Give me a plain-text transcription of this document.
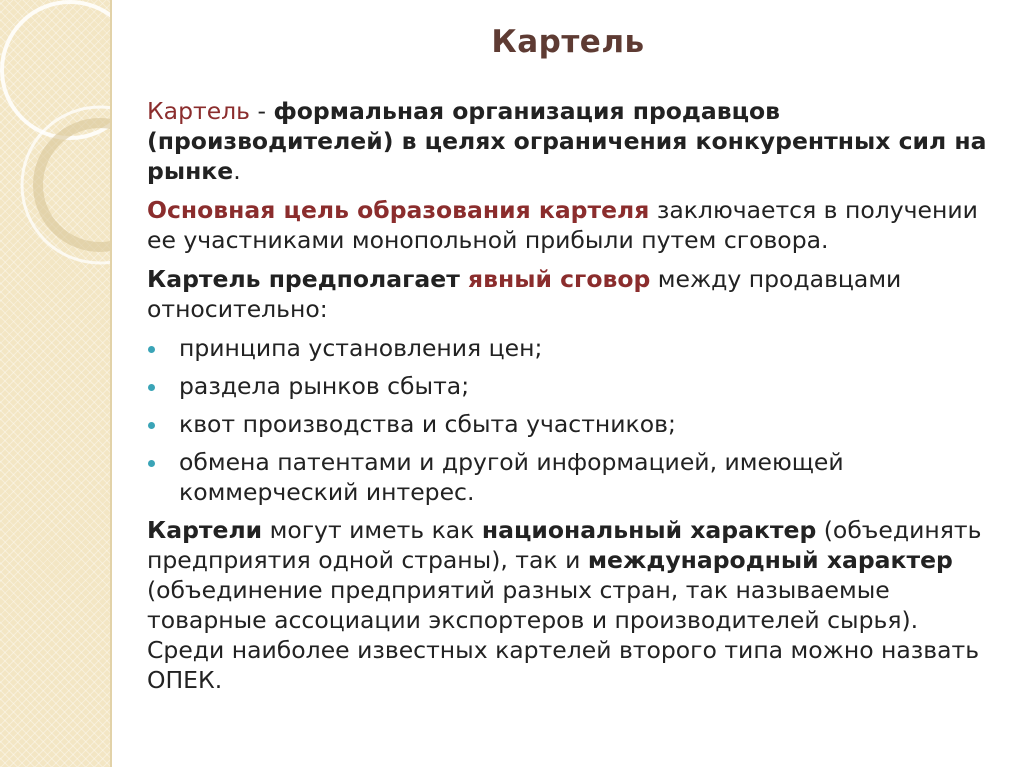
Картель

Картель - формальная организация продавцов (производителей) в целях ограничения конкурентных сил на рынке.

Основная цель образования картеля заключается в получении ее участниками монопольной прибыли путем сговора.

Картель предполагает явный сговор между продавцами относительно:

принципа установления цен;
раздела рынков сбыта;
квот производства и сбыта участников;
обмена патентами и другой информацией, имеющей коммерческий интерес.

Картели могут иметь как национальный характер (объединять предприятия одной страны), так и международный характер (объединение предприятий разных стран, так называемые товарные ассоциации экспортеров и производителей сырья). Среди наиболее известных картелей второго типа можно назвать ОПЕК.
